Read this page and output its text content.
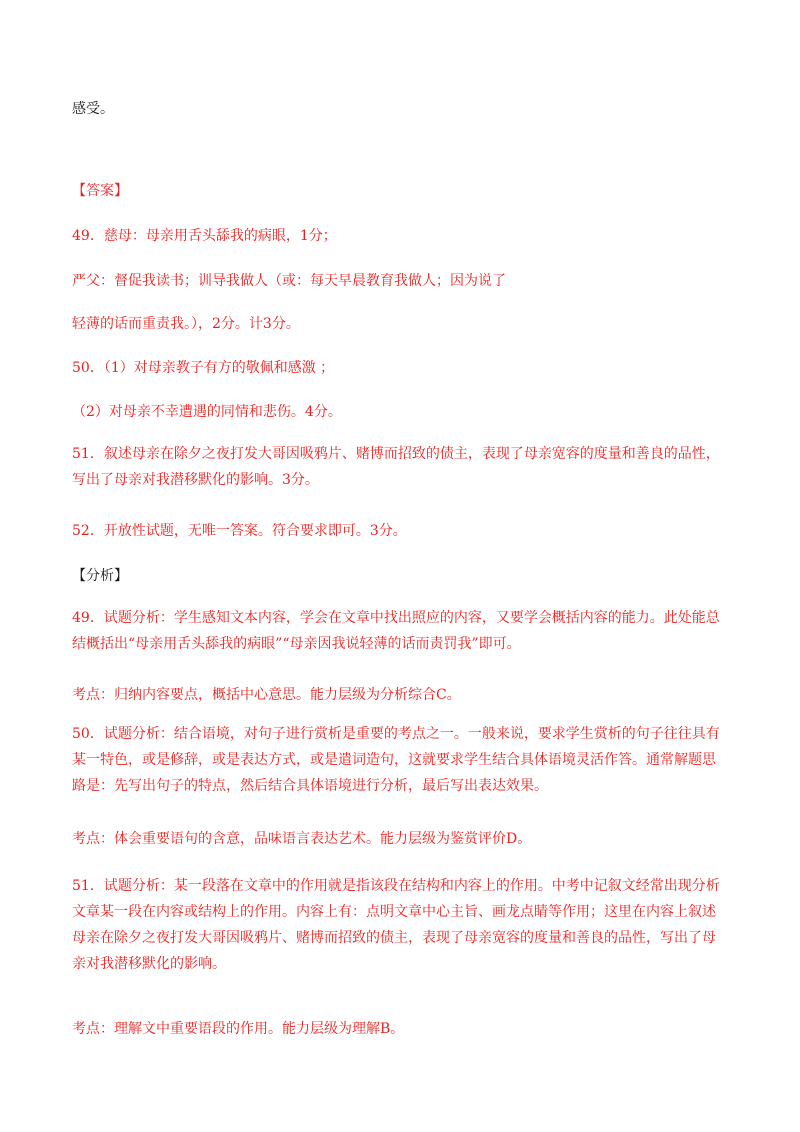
感受。

【答案】

49．慈母：母亲用舌头舔我的病眼，1分；

严父：督促我读书；训导我做人（或：每天早晨教育我做人；因为说了

轻薄的话而重责我。），2分。计3分。

50．（1）对母亲教子有方的敬佩和感激 ；

（2）对母亲不幸遭遇的同情和悲伤。4分。

51．叙述母亲在除夕之夜打发大哥因吸鸦片、赌博而招致的债主，表现了母亲宽容的度量和善良的品性，
写出了母亲对我潜移默化的影响。3分。

52．开放性试题，无唯一答案。符合要求即可。3分。

【分析】

49．试题分析：学生感知文本内容，学会在文章中找出照应的内容，又要学会概括内容的能力。此处能总
结概括出“母亲用舌头舔我的病眼”“母亲因我说轻薄的话而责罚我”即可。

考点：归纳内容要点，概括中心意思。能力层级为分析综合C。

50．试题分析：结合语境，对句子进行赏析是重要的考点之一。一般来说，要求学生赏析的句子往往具有
某一特色，或是修辞，或是表达方式，或是遣词造句，这就要求学生结合具体语境灵活作答。通常解题思
路是：先写出句子的特点，然后结合具体语境进行分析，最后写出表达效果。

考点：体会重要语句的含意，品味语言表达艺术。能力层级为鉴赏评价D。

51．试题分析：某一段落在文章中的作用就是指该段在结构和内容上的作用。中考中记叙文经常出现分析
文章某一段在内容或结构上的作用。内容上有：点明文章中心主旨、画龙点睛等作用；这里在内容上叙述
母亲在除夕之夜打发大哥因吸鸦片、赌博而招致的债主，表现了母亲宽容的度量和善良的品性，写出了母
亲对我潜移默化的影响。

考点：理解文中重要语段的作用。能力层级为理解B。
